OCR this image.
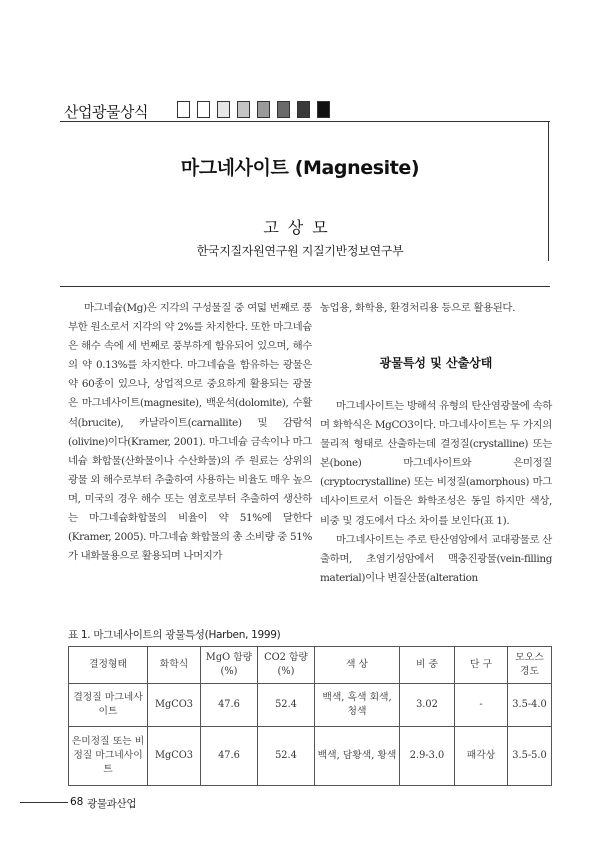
산업광물상식
마그네사이트 (Magnesite)
고상모
한국지질자원연구원 지질기반정보연구부

마그네슘(Mg)은 지각의 구성물질 중 여덟 번째로 풍부한 원소로서 지각의 약 2%를 차지한다. 또한 마그네슘은 해수 속에 세 번째로 풍부하게 함유되어 있으며, 해수의 약 0.13%를 차지한다. 마그네슘을 함유하는 광물은 약 60종이 있으나, 상업적으로 중요하게 활용되는 광물은 마그네사이트(magnesite), 백운석(dolomite), 수활석(brucite), 카날라이트(carnallite) 및 감람석(olivine)이다(Kramer, 2001). 마그네슘 금속이나 마그네슘 화합물(산화물이나 수산화물)의 주 원료는 상위의 광물 외 해수로부터 추출하여 사용하는 비율도 매우 높으며, 미국의 경우 해수 또는 염호로부터 추출하여 생산하는 마그네슘화합물의 비율이 약 51%에 달한다(Kramer, 2005). 마그네슘 화합물의 총 소비량 중 51%가 내화물용으로 활용되며 나머지가

농업용, 화학용, 환경처리용 등으로 활용된다.

광물특성 및 산출상태

마그네사이트는 방해석 유형의 탄산염광물에 속하며 화학식은 MgCO3이다. 마그네사이트는 두 가지의 물리적 형태로 산출하는데 결정질(crystalline) 또는 본(bone) 마그네사이트와 은미정질(cryptocrystalline) 또는 비정질(amorphous) 마그네사이트로서 이들은 화학조성은 동일 하지만 색상, 비중 및 경도에서 다소 차이를 보인다(표 1).

마그네사이트는 주로 탄산염암에서 교대광물로 산출하며, 초염기성암에서 맥충진광물(vein-filling material)이나 변질산물(alteration

표 1. 마그네사이트의 광물특성(Harben, 1999)
결정형태	화학식	MgO 함량(%)	CO2 함량(%)	색 상	비 중	단 구	모오스 경도
결정질 마그네사이트	MgCO3	47.6	52.4	백색, 흑색 회색, 청색	3.02	-	3.5-4.0
은미정질 또는 비정질 마그네사이트	MgCO3	47.6	52.4	백색, 담황색, 황색	2.9-3.0	패각상	3.5-5.0
68 광물과산업
